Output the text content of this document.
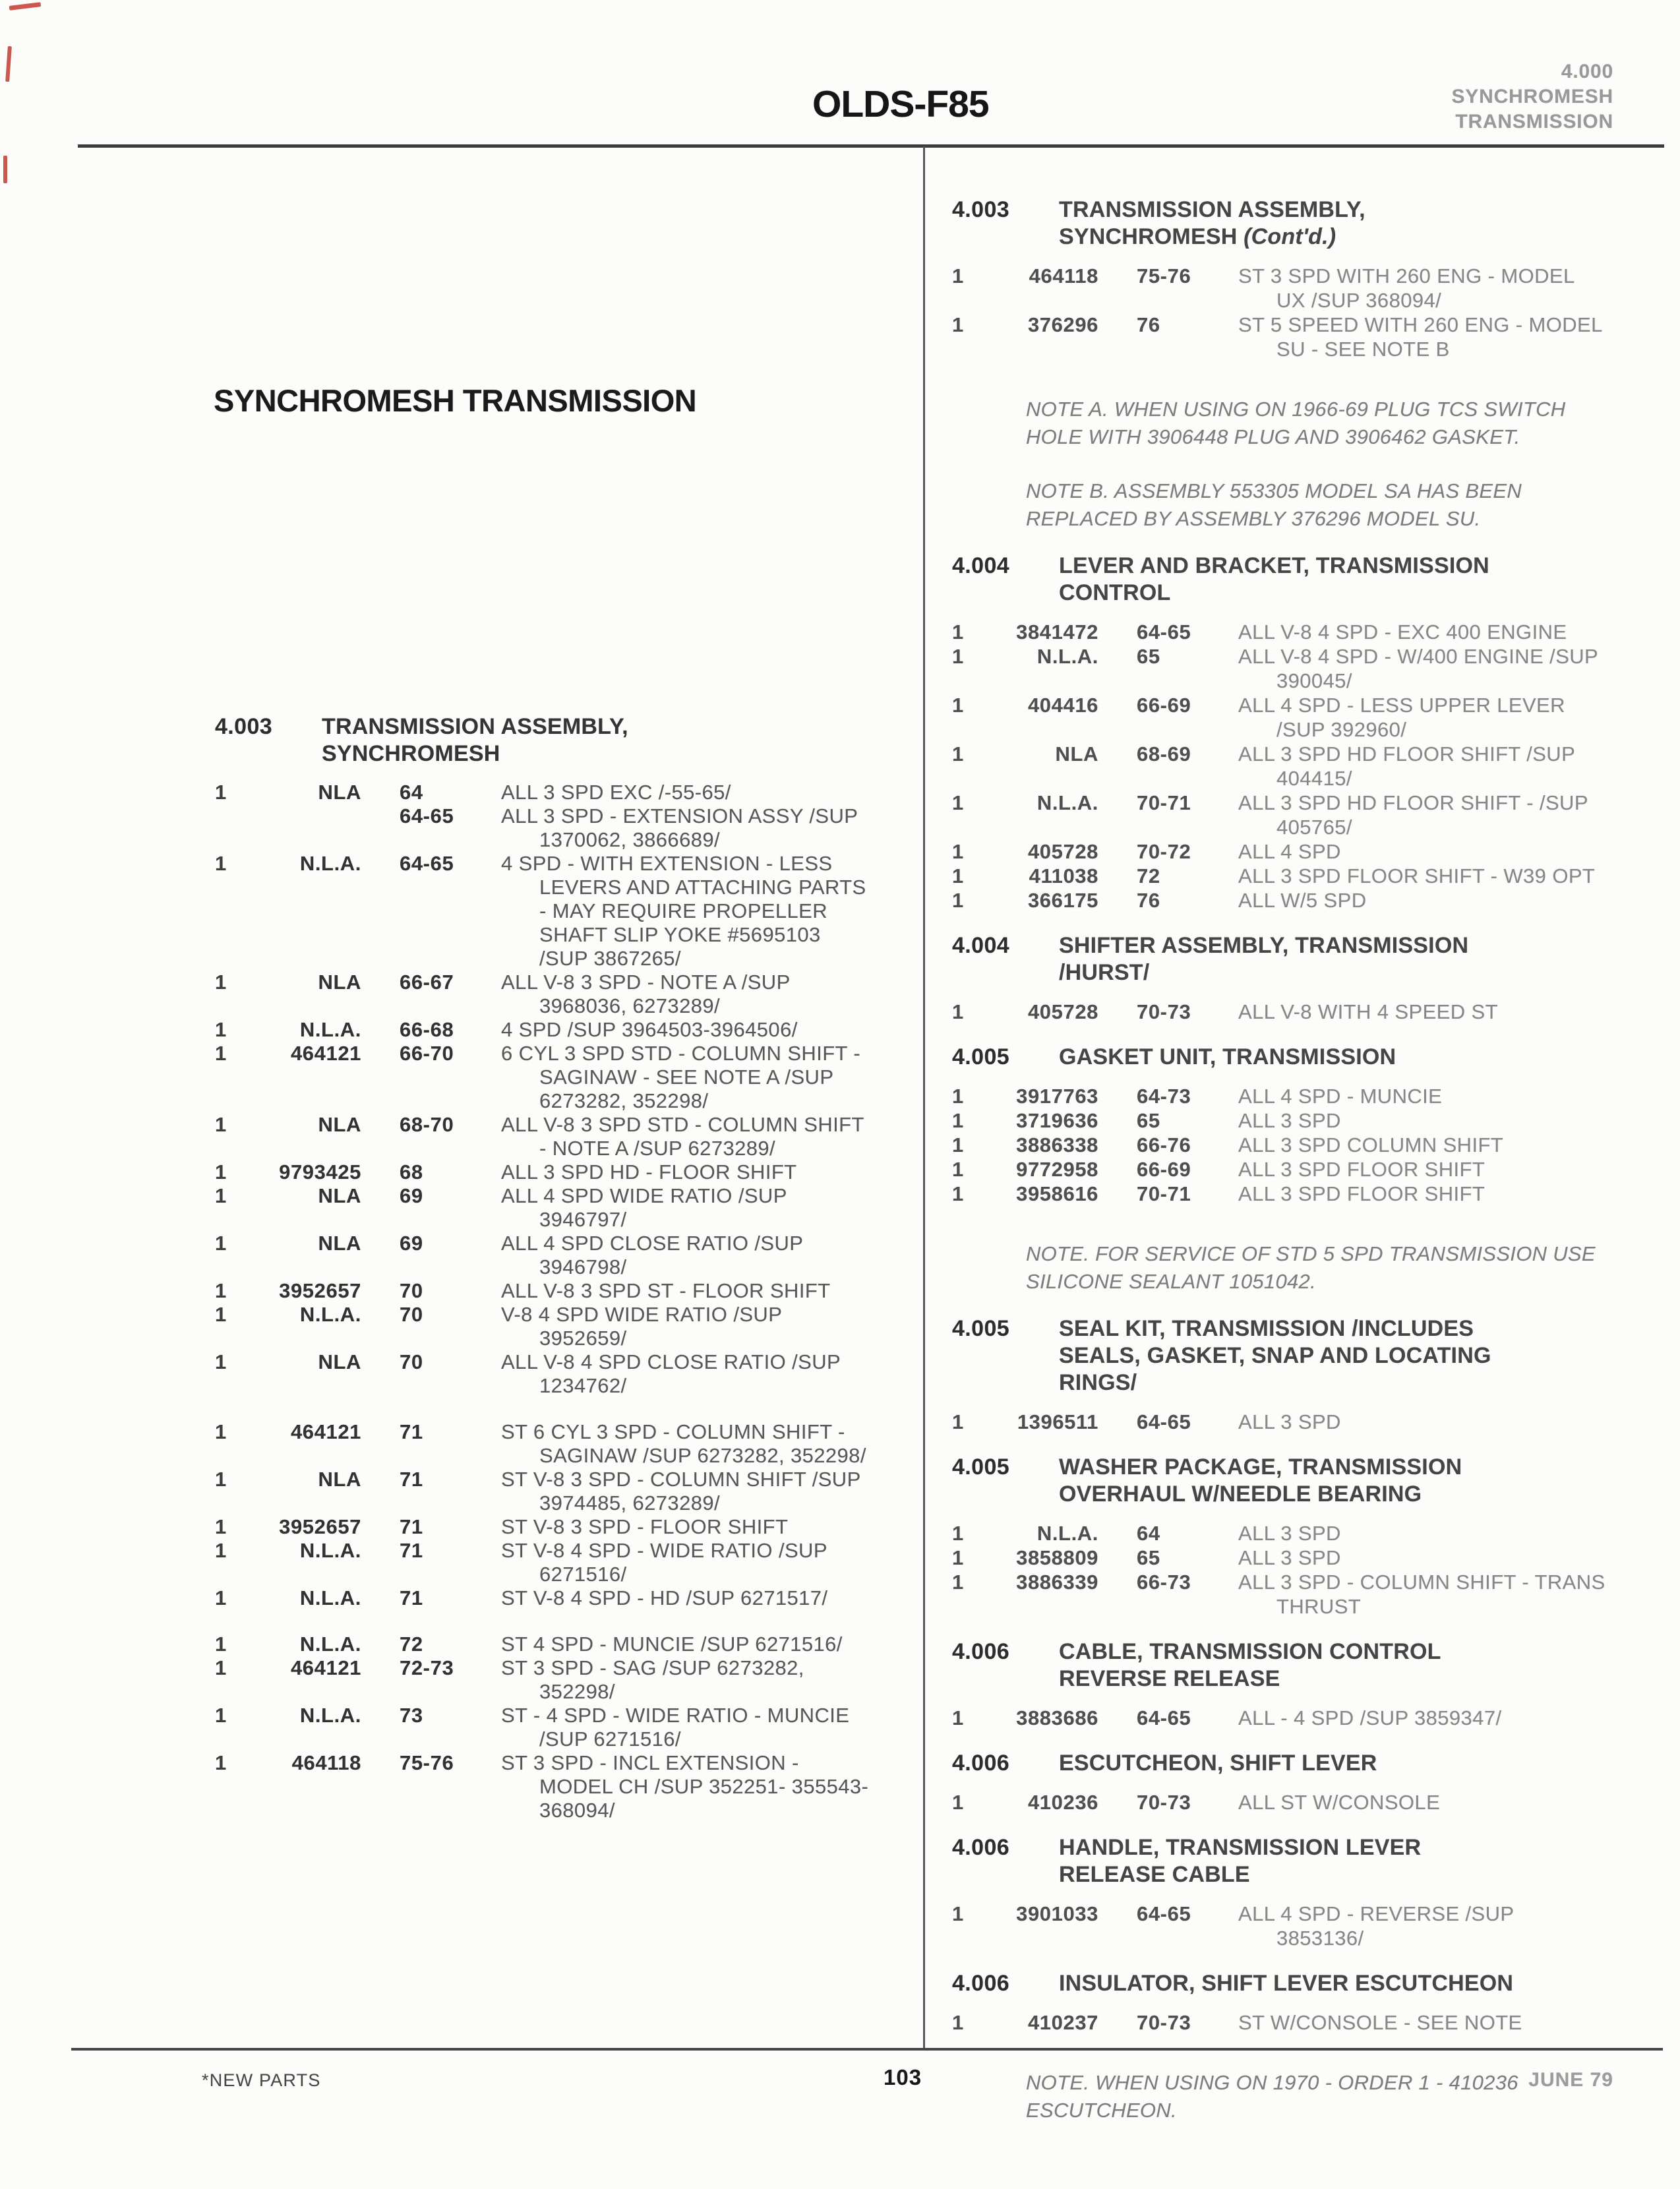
OLDS-F85
4.000
SYNCHROMESH
TRANSMISSION
SYNCHROMESH TRANSMISSION
4.003	TRANSMISSION ASSEMBLY,
SYNCHROMESH
1	NLA	64	ALL 3 SPD EXC /-55-65/
64-65	ALL 3 SPD - EXTENSION ASSY /SUP 1370062, 3866689/
1	N.L.A.	64-65	4 SPD - WITH EXTENSION - LESS LEVERS AND ATTACHING PARTS - MAY REQUIRE PROPELLER SHAFT SLIP YOKE #5695103 /SUP 3867265/
1	NLA	66-67	ALL V-8 3 SPD - NOTE A /SUP 3968036, 6273289/
1	N.L.A.	66-68	4 SPD /SUP 3964503-3964506/
1	464121	66-70	6 CYL 3 SPD STD - COLUMN SHIFT - SAGINAW - SEE NOTE A /SUP 6273282, 352298/
1	NLA	68-70	ALL V-8 3 SPD STD - COLUMN SHIFT - NOTE A /SUP 6273289/
1	9793425	68	ALL 3 SPD HD - FLOOR SHIFT
1	NLA	69	ALL 4 SPD WIDE RATIO /SUP 3946797/
1	NLA	69	ALL 4 SPD CLOSE RATIO /SUP 3946798/
1	3952657	70	ALL V-8 3 SPD ST - FLOOR SHIFT
1	N.L.A.	70	V-8 4 SPD WIDE RATIO /SUP 3952659/
1	NLA	70	ALL V-8 4 SPD CLOSE RATIO /SUP 1234762/
1	464121	71	ST 6 CYL 3 SPD - COLUMN SHIFT - SAGINAW /SUP 6273282, 352298/
1	NLA	71	ST V-8 3 SPD - COLUMN SHIFT /SUP 3974485, 6273289/
1	3952657	71	ST V-8 3 SPD - FLOOR SHIFT
1	N.L.A.	71	ST V-8 4 SPD - WIDE RATIO /SUP 6271516/
1	N.L.A.	71	ST V-8 4 SPD - HD /SUP 6271517/
1	N.L.A.	72	ST 4 SPD - MUNCIE /SUP 6271516/
1	464121	72-73	ST 3 SPD - SAG /SUP 6273282, 352298/
1	N.L.A.	73	ST - 4 SPD - WIDE RATIO - MUNCIE /SUP 6271516/
1	464118	75-76	ST 3 SPD - INCL EXTENSION - MODEL CH /SUP 352251- 355543- 368094/
4.003	TRANSMISSION ASSEMBLY,
SYNCHROMESH (Cont'd.)
1	464118	75-76	ST 3 SPD WITH 260 ENG - MODEL UX /SUP 368094/
1	376296	76	ST 5 SPEED WITH 260 ENG - MODEL SU - SEE NOTE B

NOTE A. WHEN USING ON 1966-69 PLUG TCS SWITCH HOLE WITH 3906448 PLUG AND 3906462 GASKET.

NOTE B. ASSEMBLY 553305 MODEL SA HAS BEEN REPLACED BY ASSEMBLY 376296 MODEL SU.

4.004	LEVER AND BRACKET, TRANSMISSION
CONTROL
1	3841472	64-65	ALL V-8 4 SPD - EXC 400 ENGINE
1	N.L.A.	65	ALL V-8 4 SPD - W/400 ENGINE /SUP 390045/
1	404416	66-69	ALL 4 SPD - LESS UPPER LEVER /SUP 392960/
1	NLA	68-69	ALL 3 SPD HD FLOOR SHIFT /SUP 404415/
1	N.L.A.	70-71	ALL 3 SPD HD FLOOR SHIFT - /SUP 405765/
1	405728	70-72	ALL 4 SPD
1	411038	72	ALL 3 SPD FLOOR SHIFT - W39 OPT
1	366175	76	ALL W/5 SPD
4.004	SHIFTER ASSEMBLY, TRANSMISSION
/HURST/
1	405728	70-73	ALL V-8 WITH 4 SPEED ST
4.005	GASKET UNIT, TRANSMISSION
1	3917763	64-73	ALL 4 SPD - MUNCIE
1	3719636	65	ALL 3 SPD
1	3886338	66-76	ALL 3 SPD COLUMN SHIFT
1	9772958	66-69	ALL 3 SPD FLOOR SHIFT
1	3958616	70-71	ALL 3 SPD FLOOR SHIFT

NOTE. FOR SERVICE OF STD 5 SPD TRANSMISSION USE SILICONE SEALANT 1051042.

4.005	SEAL KIT, TRANSMISSION /INCLUDES
SEALS, GASKET, SNAP AND LOCATING
RINGS/
1	1396511	64-65	ALL 3 SPD
4.005	WASHER PACKAGE, TRANSMISSION
OVERHAUL W/NEEDLE BEARING
1	N.L.A.	64	ALL 3 SPD
1	3858809	65	ALL 3 SPD
1	3886339	66-73	ALL 3 SPD - COLUMN SHIFT - TRANS THRUST
4.006	CABLE, TRANSMISSION CONTROL
REVERSE RELEASE
1	3883686	64-65	ALL - 4 SPD /SUP 3859347/
4.006	ESCUTCHEON, SHIFT LEVER
1	410236	70-73	ALL ST W/CONSOLE
4.006	HANDLE, TRANSMISSION LEVER
RELEASE CABLE
1	3901033	64-65	ALL 4 SPD - REVERSE /SUP 3853136/
4.006	INSULATOR, SHIFT LEVER ESCUTCHEON
1	410237	70-73	ST W/CONSOLE - SEE NOTE

NOTE. WHEN USING ON 1970 - ORDER 1 - 410236 ESCUTCHEON.

*NEW PARTS	103	JUNE 79
